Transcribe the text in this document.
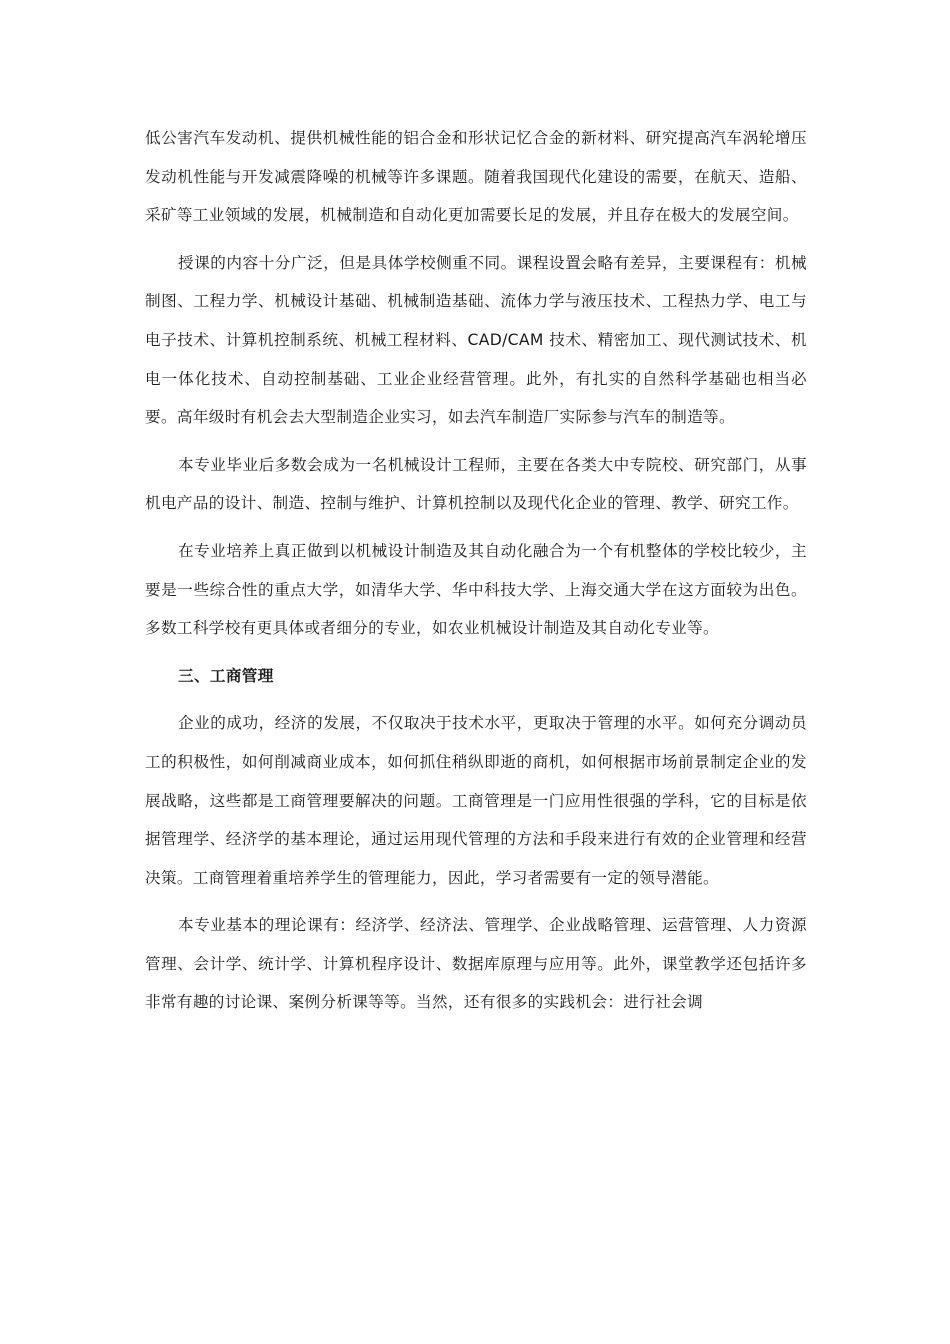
低公害汽车发动机、提供机械性能的铝合金和形状记忆合金的新材料、研究提高汽车涡轮增压发动机性能与开发减震降噪的机械等许多课题。随着我国现代化建设的需要，在航天、造船、采矿等工业领域的发展，机械制造和自动化更加需要长足的发展，并且存在极大的发展空间。

授课的内容十分广泛，但是具体学校侧重不同。课程设置会略有差异，主要课程有：机械制图、工程力学、机械设计基础、机械制造基础、流体力学与液压技术、工程热力学、电工与电子技术、计算机控制系统、机械工程材料、CAD/CAM 技术、精密加工、现代测试技术、机电一体化技术、自动控制基础、工业企业经营管理。此外，有扎实的自然科学基础也相当必要。高年级时有机会去大型制造企业实习，如去汽车制造厂实际参与汽车的制造等。

本专业毕业后多数会成为一名机械设计工程师，主要在各类大中专院校、研究部门，从事机电产品的设计、制造、控制与维护、计算机控制以及现代化企业的管理、教学、研究工作。

在专业培养上真正做到以机械设计制造及其自动化融合为一个有机整体的学校比较少，主要是一些综合性的重点大学，如清华大学、华中科技大学、上海交通大学在这方面较为出色。多数工科学校有更具体或者细分的专业，如农业机械设计制造及其自动化专业等。

三、工商管理

企业的成功，经济的发展，不仅取决于技术水平，更取决于管理的水平。如何充分调动员工的积极性，如何削减商业成本，如何抓住稍纵即逝的商机，如何根据市场前景制定企业的发展战略，这些都是工商管理要解决的问题。工商管理是一门应用性很强的学科，它的目标是依据管理学、经济学的基本理论，通过运用现代管理的方法和手段来进行有效的企业管理和经营决策。工商管理着重培养学生的管理能力，因此，学习者需要有一定的领导潜能。

本专业基本的理论课有：经济学、经济法、管理学、企业战略管理、运营管理、人力资源管理、会计学、统计学、计算机程序设计、数据库原理与应用等。此外，课堂教学还包括许多非常有趣的讨论课、案例分析课等等。当然，还有很多的实践机会：进行社会调
